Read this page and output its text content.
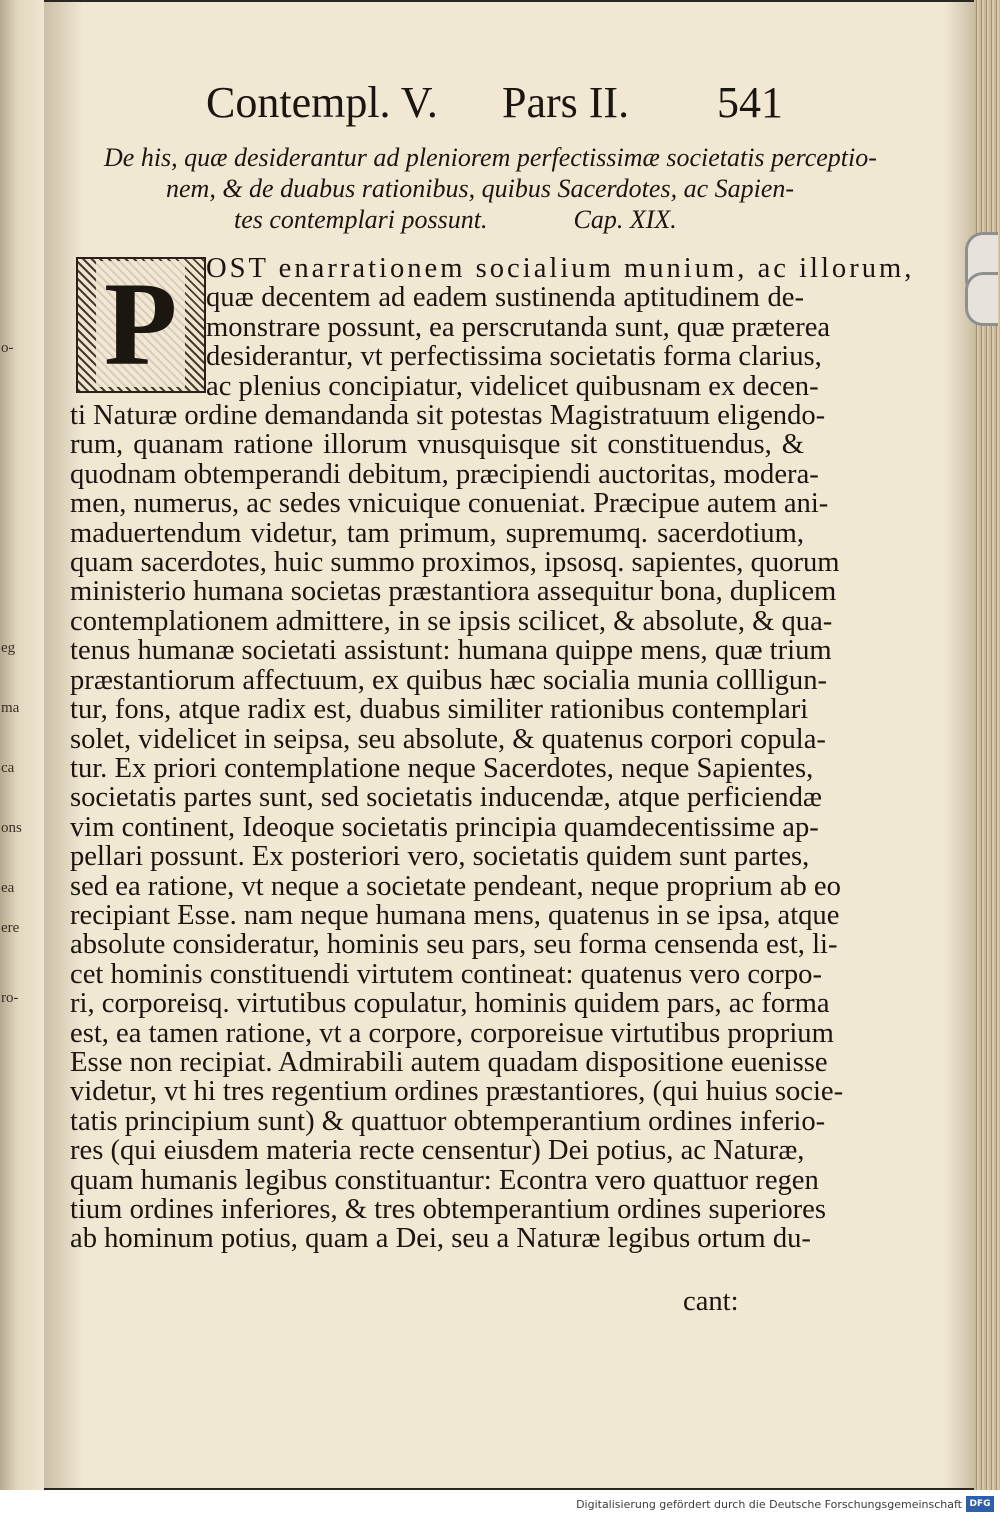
o-
eg
ma
ca
ons
ea
ere
ro-
Contempl. V. Pars II. 541
De his, quæ desiderantur ad pleniorem perfectissimæ societatis perceptio-
nem, & de duabus rationibus, quibus Sacerdotes, ac Sapien-
tes contemplari possunt.	Cap. XIX.
P	OST enarrationem socialium munium, ac illorum,
quæ decentem ad eadem sustinenda aptitudinem de-
monstrare possunt, ea perscrutanda sunt, quæ præterea
desiderantur, vt perfectissima societatis forma clarius,
ac plenius concipiatur, videlicet quibusnam ex decen-
ti Naturæ ordine demandanda sit potestas Magistratuum eligendo-
rum, quanam ratione illorum vnusquisque sit constituendus, &
quodnam obtemperandi debitum, præcipiendi auctoritas, modera-
men, numerus, ac sedes vnicuique conueniat. Præcipue autem ani-
maduertendum videtur, tam primum, supremumq. sacerdotium,
quam sacerdotes, huic summo proximos, ipsosq. sapientes, quorum
ministerio humana societas præstantiora assequitur bona, duplicem
contemplationem admittere, in se ipsis scilicet, & absolute, & qua-
tenus humanæ societati assistunt: humana quippe mens, quæ trium
præstantiorum affectuum, ex quibus hæc socialia munia collligun-
tur, fons, atque radix est, duabus similiter rationibus contemplari
solet, videlicet in seipsa, seu absolute, & quatenus corpori copula-
tur. Ex priori contemplatione neque Sacerdotes, neque Sapientes,
societatis partes sunt, sed societatis inducendæ, atque perficiendæ
vim continent, Ideoque societatis principia quamdecentissime ap-
pellari possunt. Ex posteriori vero, societatis quidem sunt partes,
sed ea ratione, vt neque a societate pendeant, neque proprium ab eo
recipiant Esse. nam neque humana mens, quatenus in se ipsa, atque
absolute consideratur, hominis seu pars, seu forma censenda est, li-
cet hominis constituendi virtutem contineat: quatenus vero corpo-
ri, corporeisq. virtutibus copulatur, hominis quidem pars, ac forma
est, ea tamen ratione, vt a corpore, corporeisue virtutibus proprium
Esse non recipiat. Admirabili autem quadam dispositione euenisse
videtur, vt hi tres regentium ordines præstantiores, (qui huius socie-
tatis principium sunt) & quattuor obtemperantium ordines inferio-
res (qui eiusdem materia recte censentur) Dei potius, ac Naturæ,
quam humanis legibus constituantur: Econtra vero quattuor regen
tium ordines inferiores, & tres obtemperantium ordines superiores
ab hominum potius, quam a Dei, seu a Naturæ legibus ortum du-
cant:
Digitalisierung gefördert durch die Deutsche Forschungsgemeinschaft DFG
